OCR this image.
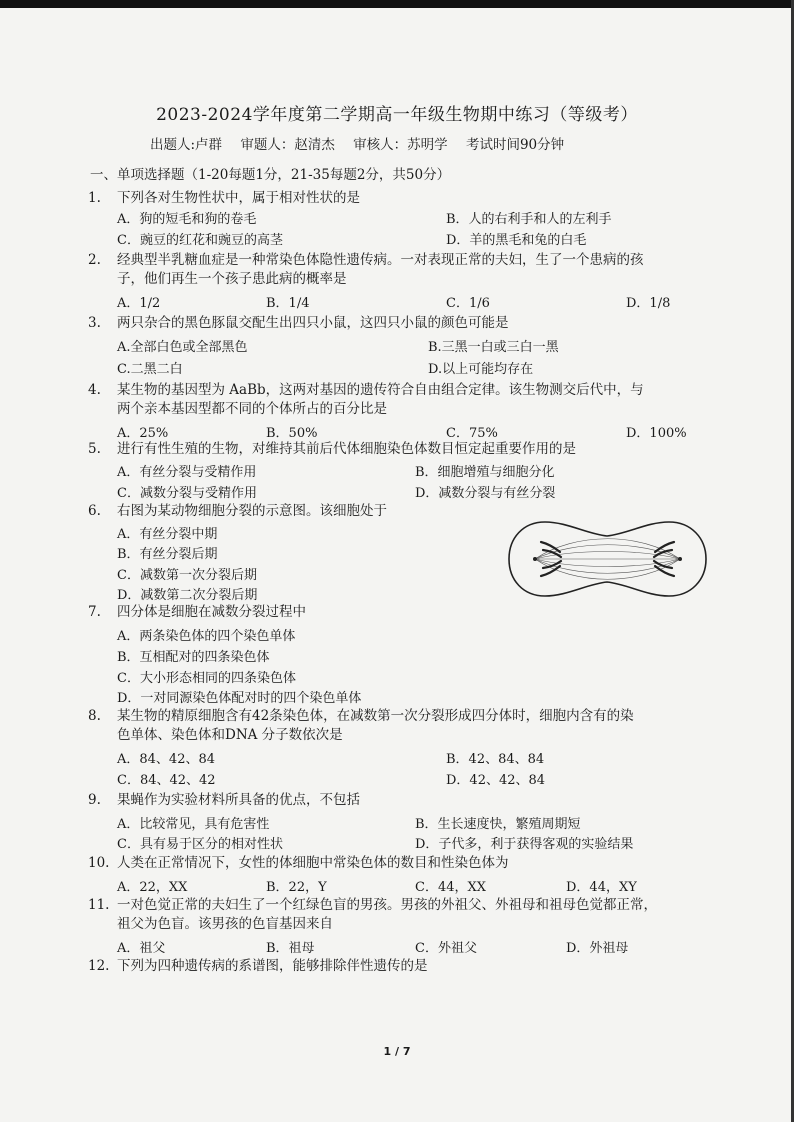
2023-2024学年度第二学期高一年级生物期中练习（等级考）
出题人:卢群 审题人：赵清杰 审核人：苏明学 考试时间90分钟
一、单项选择题（1-20每题1分，21-35每题2分，共50分）
1. 下列各对生物性状中，属于相对性状的是
A．狗的短毛和狗的卷毛	B．人的右利手和人的左利手
C．豌豆的红花和豌豆的高茎	D．羊的黑毛和兔的白毛
2. 经典型半乳糖血症是一种常染色体隐性遗传病。一对表现正常的夫妇，生了一个患病的孩
子，他们再生一个孩子患此病的概率是
A．1/2	B．1/4	C．1/6	D．1/8
3. 两只杂合的黑色豚鼠交配生出四只小鼠，这四只小鼠的颜色可能是
A.全部白色或全部黑色	B.三黑一白或三白一黑
C.二黑二白	D.以上可能均存在
4. 某生物的基因型为 AaBb，这两对基因的遗传符合自由组合定律。该生物测交后代中，与
两个亲本基因型都不同的个体所占的百分比是
A．25%	B．50%	C．75%	D．100%
5. 进行有性生殖的生物，对维持其前后代体细胞染色体数目恒定起重要作用的是
A．有丝分裂与受精作用	B．细胞增殖与细胞分化
C．减数分裂与受精作用	D．减数分裂与有丝分裂
6. 右图为某动物细胞分裂的示意图。该细胞处于
A．有丝分裂中期
B．有丝分裂后期
C．减数第一次分裂后期
D．减数第二次分裂后期
7. 四分体是细胞在减数分裂过程中
A．两条染色体的四个染色单体
B．互相配对的四条染色体
C．大小形态相同的四条染色体
D．一对同源染色体配对时的四个染色单体
8. 某生物的精原细胞含有42条染色体，在减数第一次分裂形成四分体时，细胞内含有的染
色单体、染色体和DNA 分子数依次是
A．84、42、84	B．42、84、84
C．84、42、42	D．42、42、84
9. 果蝇作为实验材料所具备的优点，不包括
A．比较常见，具有危害性	B．生长速度快，繁殖周期短
C．具有易于区分的相对性状	D．子代多，利于获得客观的实验结果
10. 人类在正常情况下，女性的体细胞中常染色体的数目和性染色体为
A．22，XX	B．22，Y	C．44，XX	D．44，XY
11. 一对色觉正常的夫妇生了一个红绿色盲的男孩。男孩的外祖父、外祖母和祖母色觉都正常，
祖父为色盲。该男孩的色盲基因来自
A．祖父	B．祖母	C．外祖父	D．外祖母
12. 下列为四种遗传病的系谱图，能够排除伴性遗传的是
1 / 7
